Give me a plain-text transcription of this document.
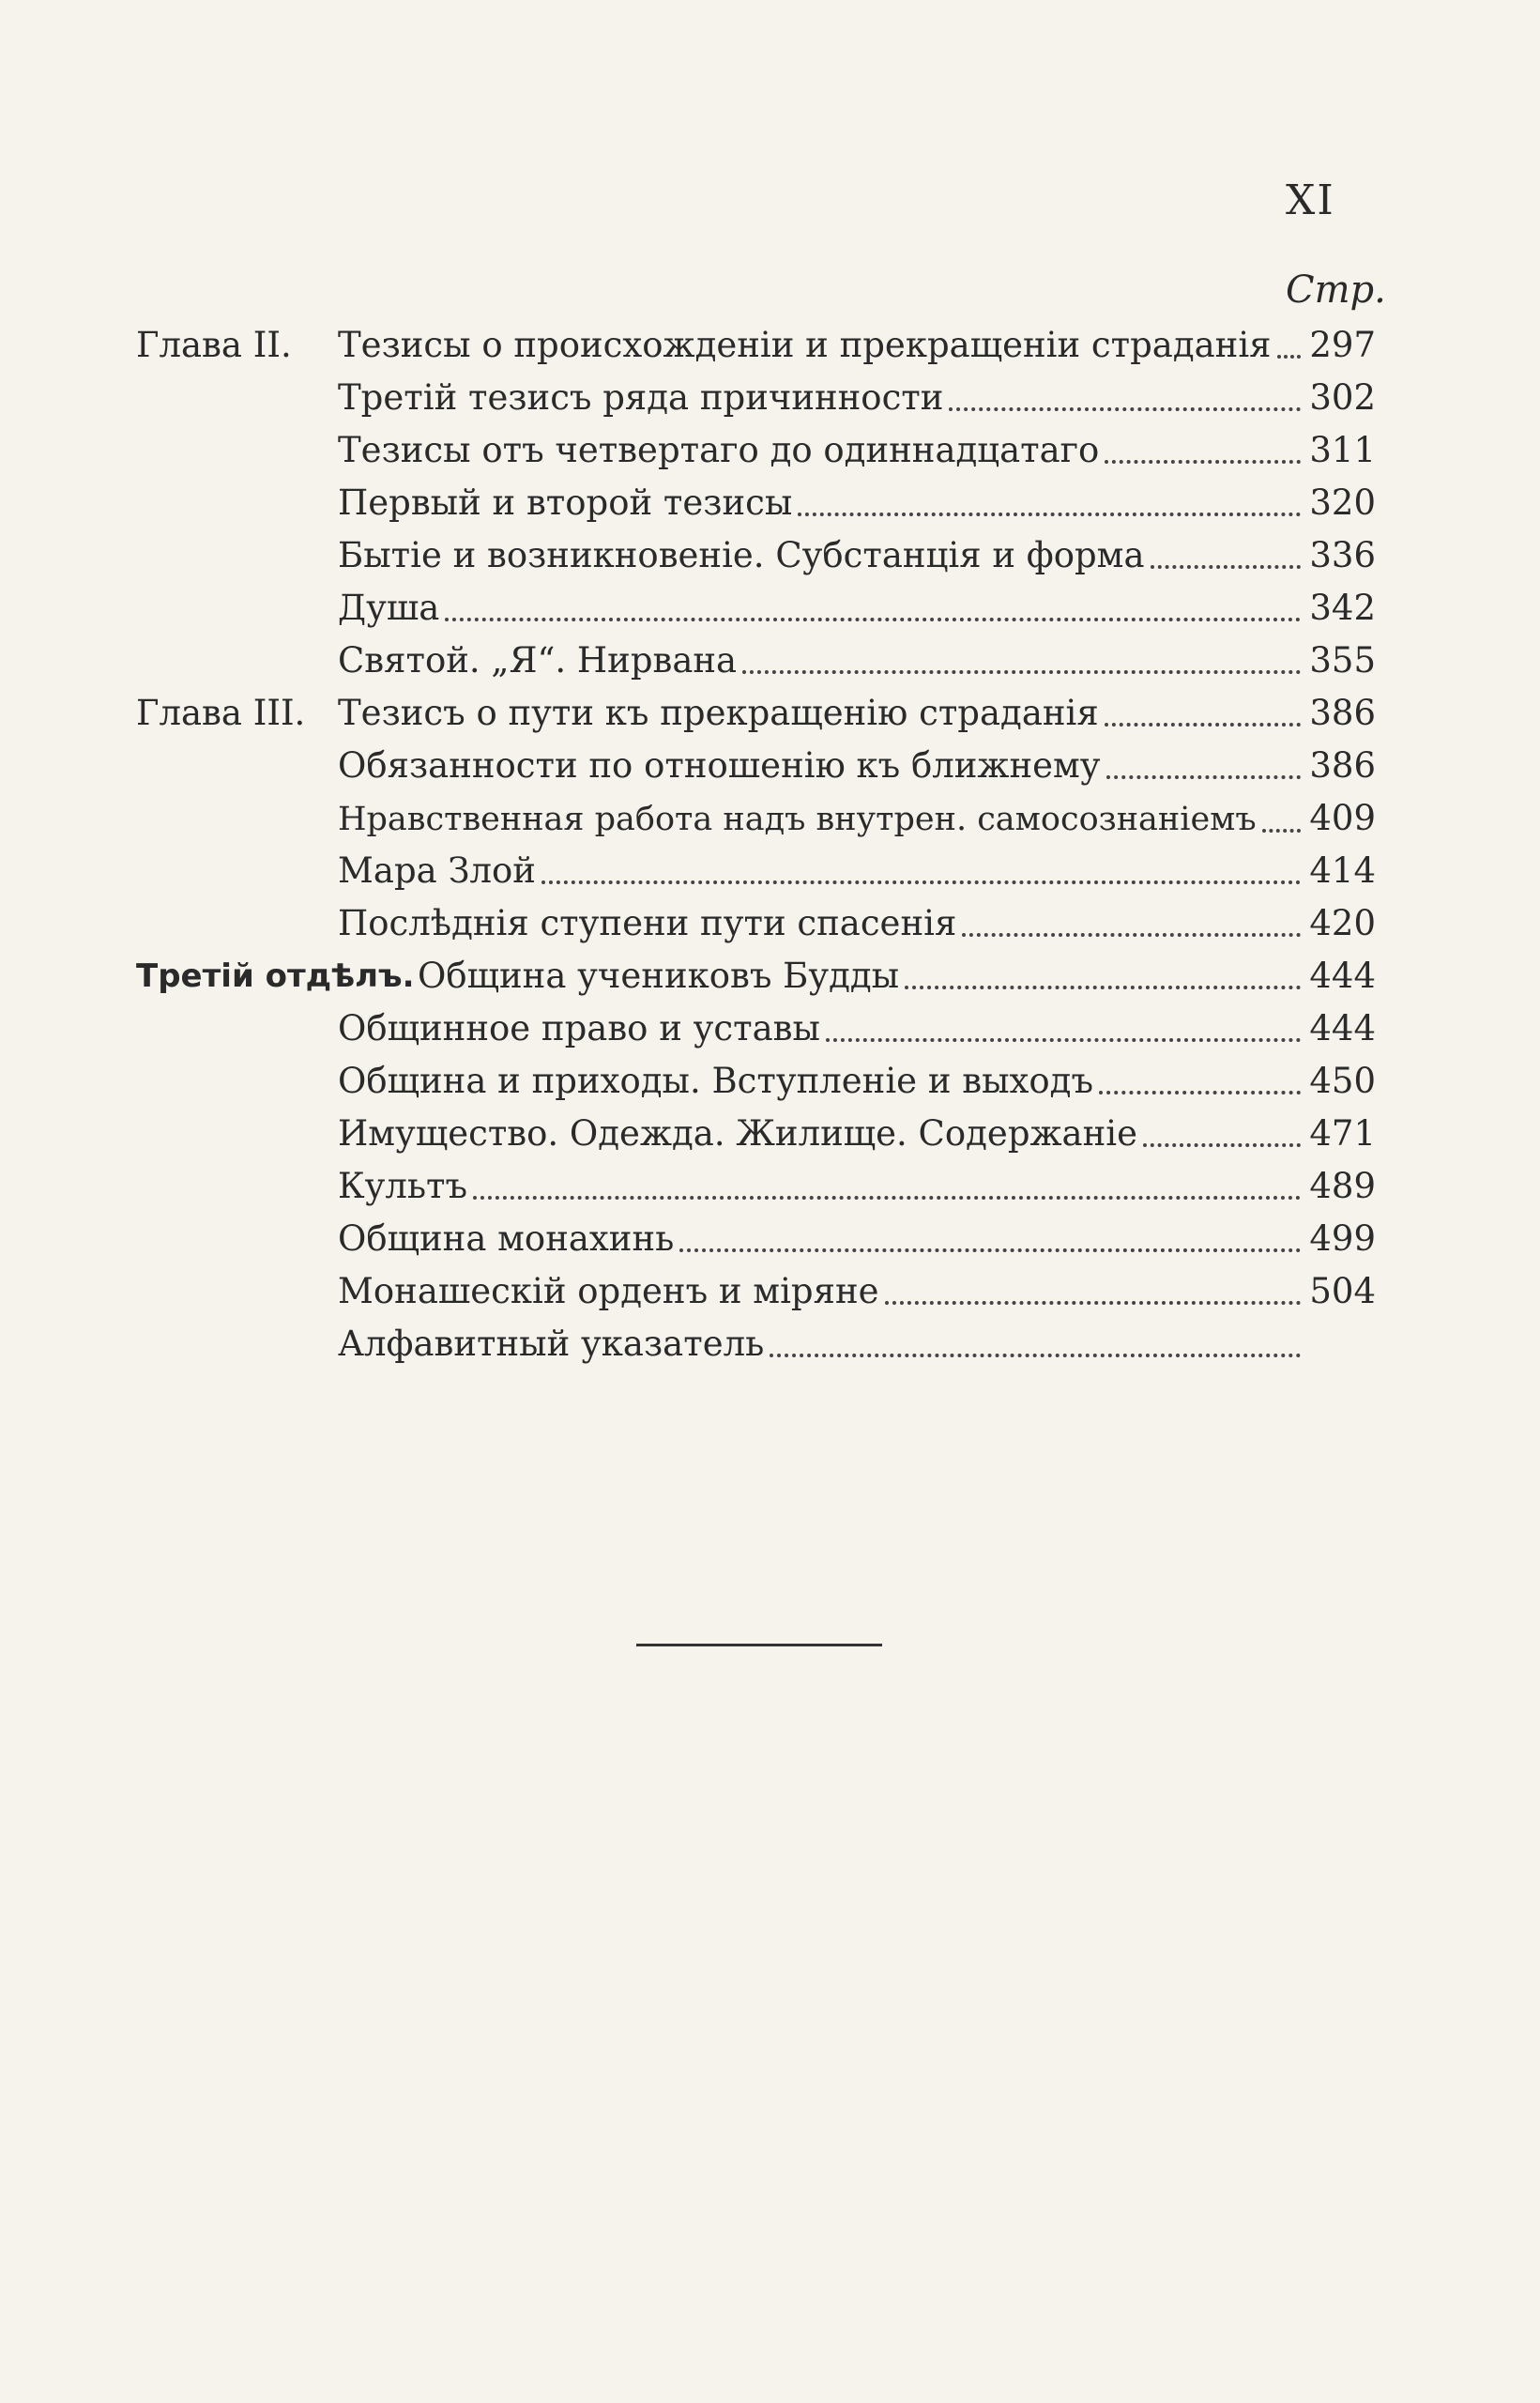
XI
Стр.
Глава II. Тезисы о происхожденіи и прекращеніи страданія 297
Третій тезисъ ряда причинности	302
Тезисы отъ четвертаго до одиннадцатаго	311
Первый и второй тезисы	320
Бытіе и возникновеніе. Субстанція и форма	336
Душа	342
Святой. „Я“. Нирвана	355
Глава III. Тезисъ о пути къ прекращенію страданія	386
Обязанности по отношенію къ ближнему	386
Нравственная работа надъ внутрен. самосознаніемъ 409
Мара Злой	414
Послѣднія ступени пути спасенія	420
Третій отдѣлъ. Община учениковъ Будды	444
Общинное право и уставы	444
Община и приходы. Вступленіе и выходъ	450
Имущество. Одежда. Жилище. Содержаніе	471
Культъ	489
Община монахинь	499
Монашескій орденъ и міряне	504
Алфавитный указатель
